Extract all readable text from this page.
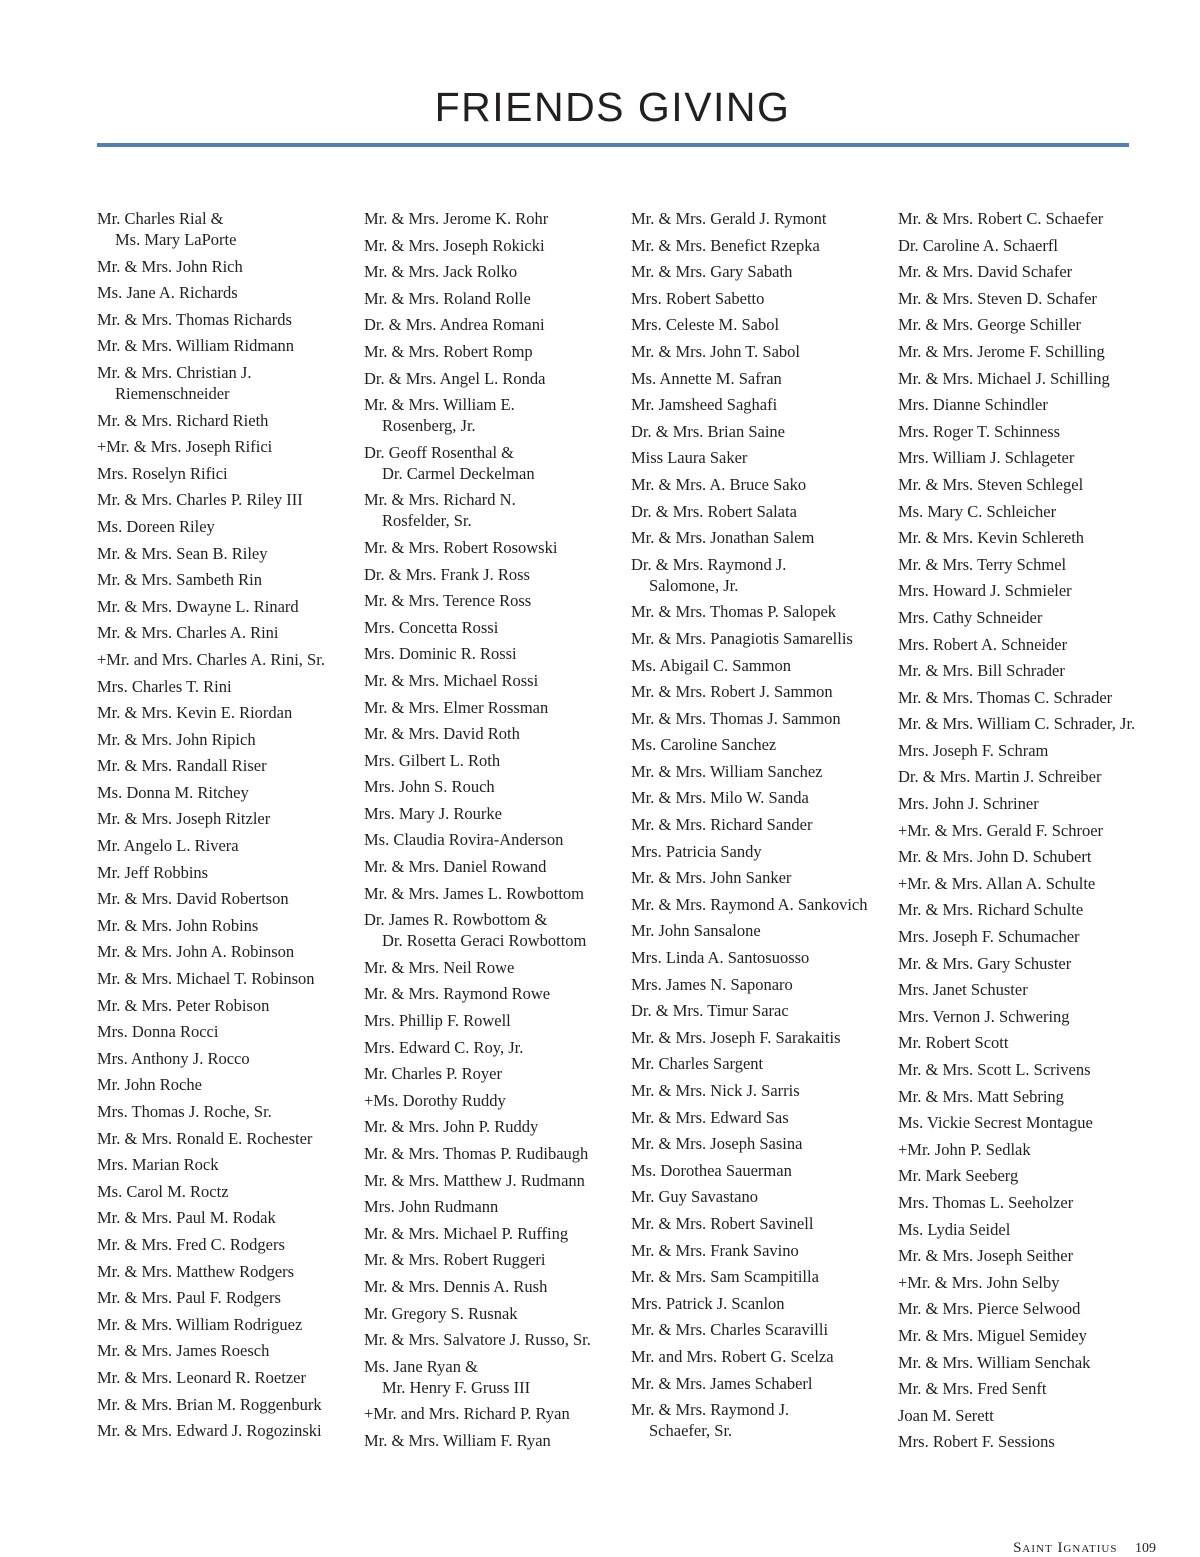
FRIENDS GIVING
Mr. Charles Rial &
Ms. Mary LaPorte
Mr. & Mrs. John Rich
Ms. Jane A. Richards
Mr. & Mrs. Thomas Richards
Mr. & Mrs. William Ridmann
Mr. & Mrs. Christian J.
Riemenschneider
Mr. & Mrs. Richard Rieth
+Mr. & Mrs. Joseph Rifici
Mrs. Roselyn Rifici
Mr. & Mrs. Charles P. Riley III
Ms. Doreen Riley
Mr. & Mrs. Sean B. Riley
Mr. & Mrs. Sambeth Rin
Mr. & Mrs. Dwayne L. Rinard
Mr. & Mrs. Charles A. Rini
+Mr. and Mrs. Charles A. Rini, Sr.
Mrs. Charles T. Rini
Mr. & Mrs. Kevin E. Riordan
Mr. & Mrs. John Ripich
Mr. & Mrs. Randall Riser
Ms. Donna M. Ritchey
Mr. & Mrs. Joseph Ritzler
Mr. Angelo L. Rivera
Mr. Jeff Robbins
Mr. & Mrs. David Robertson
Mr. & Mrs. John Robins
Mr. & Mrs. John A. Robinson
Mr. & Mrs. Michael T. Robinson
Mr. & Mrs. Peter Robison
Mrs. Donna Rocci
Mrs. Anthony J. Rocco
Mr. John Roche
Mrs. Thomas J. Roche, Sr.
Mr. & Mrs. Ronald E. Rochester
Mrs. Marian Rock
Ms. Carol M. Roctz
Mr. & Mrs. Paul M. Rodak
Mr. & Mrs. Fred C. Rodgers
Mr. & Mrs. Matthew Rodgers
Mr. & Mrs. Paul F. Rodgers
Mr. & Mrs. William Rodriguez
Mr. & Mrs. James Roesch
Mr. & Mrs. Leonard R. Roetzer
Mr. & Mrs. Brian M. Roggenburk
Mr. & Mrs. Edward J. Rogozinski
Mr. & Mrs. Jerome K. Rohr
Mr. & Mrs. Joseph Rokicki
Mr. & Mrs. Jack Rolko
Mr. & Mrs. Roland Rolle
Dr. & Mrs. Andrea Romani
Mr. & Mrs. Robert Romp
Dr. & Mrs. Angel L. Ronda
Mr. & Mrs. William E.
Rosenberg, Jr.
Dr. Geoff Rosenthal &
Dr. Carmel Deckelman
Mr. & Mrs. Richard N.
Rosfelder, Sr.
Mr. & Mrs. Robert Rosowski
Dr. & Mrs. Frank J. Ross
Mr. & Mrs. Terence Ross
Mrs. Concetta Rossi
Mrs. Dominic R. Rossi
Mr. & Mrs. Michael Rossi
Mr. & Mrs. Elmer Rossman
Mr. & Mrs. David Roth
Mrs. Gilbert L. Roth
Mrs. John S. Rouch
Mrs. Mary J. Rourke
Ms. Claudia Rovira-Anderson
Mr. & Mrs. Daniel Rowand
Mr. & Mrs. James L. Rowbottom
Dr. James R. Rowbottom &
Dr. Rosetta Geraci Rowbottom
Mr. & Mrs. Neil Rowe
Mr. & Mrs. Raymond Rowe
Mrs. Phillip F. Rowell
Mrs. Edward C. Roy, Jr.
Mr. Charles P. Royer
+Ms. Dorothy Ruddy
Mr. & Mrs. John P. Ruddy
Mr. & Mrs. Thomas P. Rudibaugh
Mr. & Mrs. Matthew J. Rudmann
Mrs. John Rudmann
Mr. & Mrs. Michael P. Ruffing
Mr. & Mrs. Robert Ruggeri
Mr. & Mrs. Dennis A. Rush
Mr. Gregory S. Rusnak
Mr. & Mrs. Salvatore J. Russo, Sr.
Ms. Jane Ryan &
Mr. Henry F. Gruss III
+Mr. and Mrs. Richard P. Ryan
Mr. & Mrs. William F. Ryan
Mr. & Mrs. Gerald J. Rymont
Mr. & Mrs. Benefict Rzepka
Mr. & Mrs. Gary Sabath
Mrs. Robert Sabetto
Mrs. Celeste M. Sabol
Mr. & Mrs. John T. Sabol
Ms. Annette M. Safran
Mr. Jamsheed Saghafi
Dr. & Mrs. Brian Saine
Miss Laura Saker
Mr. & Mrs. A. Bruce Sako
Dr. & Mrs. Robert Salata
Mr. & Mrs. Jonathan Salem
Dr. & Mrs. Raymond J.
Salomone, Jr.
Mr. & Mrs. Thomas P. Salopek
Mr. & Mrs. Panagiotis Samarellis
Ms. Abigail C. Sammon
Mr. & Mrs. Robert J. Sammon
Mr. & Mrs. Thomas J. Sammon
Ms. Caroline Sanchez
Mr. & Mrs. William Sanchez
Mr. & Mrs. Milo W. Sanda
Mr. & Mrs. Richard Sander
Mrs. Patricia Sandy
Mr. & Mrs. John Sanker
Mr. & Mrs. Raymond A. Sankovich
Mr. John Sansalone
Mrs. Linda A. Santosuosso
Mrs. James N. Saponaro
Dr. & Mrs. Timur Sarac
Mr. & Mrs. Joseph F. Sarakaitis
Mr. Charles Sargent
Mr. & Mrs. Nick J. Sarris
Mr. & Mrs. Edward Sas
Mr. & Mrs. Joseph Sasina
Ms. Dorothea Sauerman
Mr. Guy Savastano
Mr. & Mrs. Robert Savinell
Mr. & Mrs. Frank Savino
Mr. & Mrs. Sam Scampitilla
Mrs. Patrick J. Scanlon
Mr. & Mrs. Charles Scaravilli
Mr. and Mrs. Robert G. Scelza
Mr. & Mrs. James Schaberl
Mr. & Mrs. Raymond J.
Schaefer, Sr.
Mr. & Mrs. Robert C. Schaefer
Dr. Caroline A. Schaerfl
Mr. & Mrs. David Schafer
Mr. & Mrs. Steven D. Schafer
Mr. & Mrs. George Schiller
Mr. & Mrs. Jerome F. Schilling
Mr. & Mrs. Michael J. Schilling
Mrs. Dianne Schindler
Mrs. Roger T. Schinness
Mrs. William J. Schlageter
Mr. & Mrs. Steven Schlegel
Ms. Mary C. Schleicher
Mr. & Mrs. Kevin Schlereth
Mr. & Mrs. Terry Schmel
Mrs. Howard J. Schmieler
Mrs. Cathy Schneider
Mrs. Robert A. Schneider
Mr. & Mrs. Bill Schrader
Mr. & Mrs. Thomas C. Schrader
Mr. & Mrs. William C. Schrader, Jr.
Mrs. Joseph F. Schram
Dr. & Mrs. Martin J. Schreiber
Mrs. John J. Schriner
+Mr. & Mrs. Gerald F. Schroer
Mr. & Mrs. John D. Schubert
+Mr. & Mrs. Allan A. Schulte
Mr. & Mrs. Richard Schulte
Mrs. Joseph F. Schumacher
Mr. & Mrs. Gary Schuster
Mrs. Janet Schuster
Mrs. Vernon J. Schwering
Mr. Robert Scott
Mr. & Mrs. Scott L. Scrivens
Mr. & Mrs. Matt Sebring
Ms. Vickie Secrest Montague
+Mr. John P. Sedlak
Mr. Mark Seeberg
Mrs. Thomas L. Seeholzer
Ms. Lydia Seidel
Mr. & Mrs. Joseph Seither
+Mr. & Mrs. John Selby
Mr. & Mrs. Pierce Selwood
Mr. & Mrs. Miguel Semidey
Mr. & Mrs. William Senchak
Mr. & Mrs. Fred Senft
Joan M. Serett
Mrs. Robert F. Sessions
Saint Ignatius 109
